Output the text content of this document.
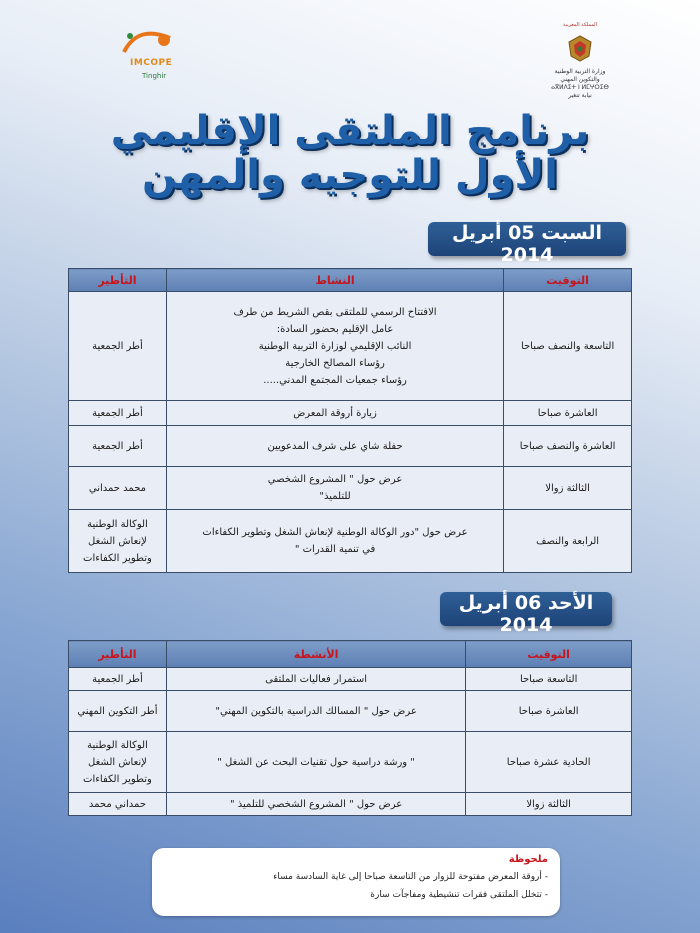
IMCOPE
Tinghir
المملكة المغربية
وزارة التربية الوطنية
والتكوين المهني
ⴰⴳⵍⴷⵉⵜ ⵏ ⵍⵎⵖⵔⵉⴱ
نيابة تنغير
برنامج الملتقى الإقليمي
الأول للتوجيه والمهن
السبت 05 أبريل 2014
التوقيت	النشاط	التأطير
التاسعة والنصف صباحا	الافتتاح الرسمي للملتقى بقص الشريط من طرف
عامل الإقليم بحضور السادة:
النائب الإقليمي لوزارة التربية الوطنية
رؤساء المصالح الخارجية
رؤساء جمعيات المجتمع المدني.....	أطر الجمعية
العاشرة صباحا	زيارة أروقة المعرض	أطر الجمعية
العاشرة والنصف صباحا	حفلة شاي على شرف المدعويين	أطر الجمعية
الثالثة زوالا	عرض حول " المشروع الشخصي
للتلميذ"	محمد حمداني
الرابعة والنصف	عرض حول "دور الوكالة الوطنية لإنعاش الشغل وتطوير الكفاءات
في تنمية القدرات "	الوكالة الوطنية لإنعاش الشغل وتطوير الكفاءات
الأحد 06 أبريل 2014
التوقيت	الأنشطة	التأطير
التاسعة صباحا	استمرار فعاليات الملتقى	أطر الجمعية
العاشرة صباحا	عرض حول " المسالك الدراسية بالتكوين المهني"	أطر التكوين المهني
الحادية عشرة صباحا	" ورشة دراسية حول تقنيات البحث عن الشغل "	الوكالة الوطنية لإنعاش الشغل وتطوير الكفاءات
الثالثة زوالا	عرض حول " المشروع الشخصي للتلميذ "	حمداني محمد
ملحوظة
- أروقة المعرض مفتوحة للزوار من التاسعة صباحا إلى غاية السادسة مساء
- تتخلل الملتقى فقرات تنشيطية ومفاجآت سارة
